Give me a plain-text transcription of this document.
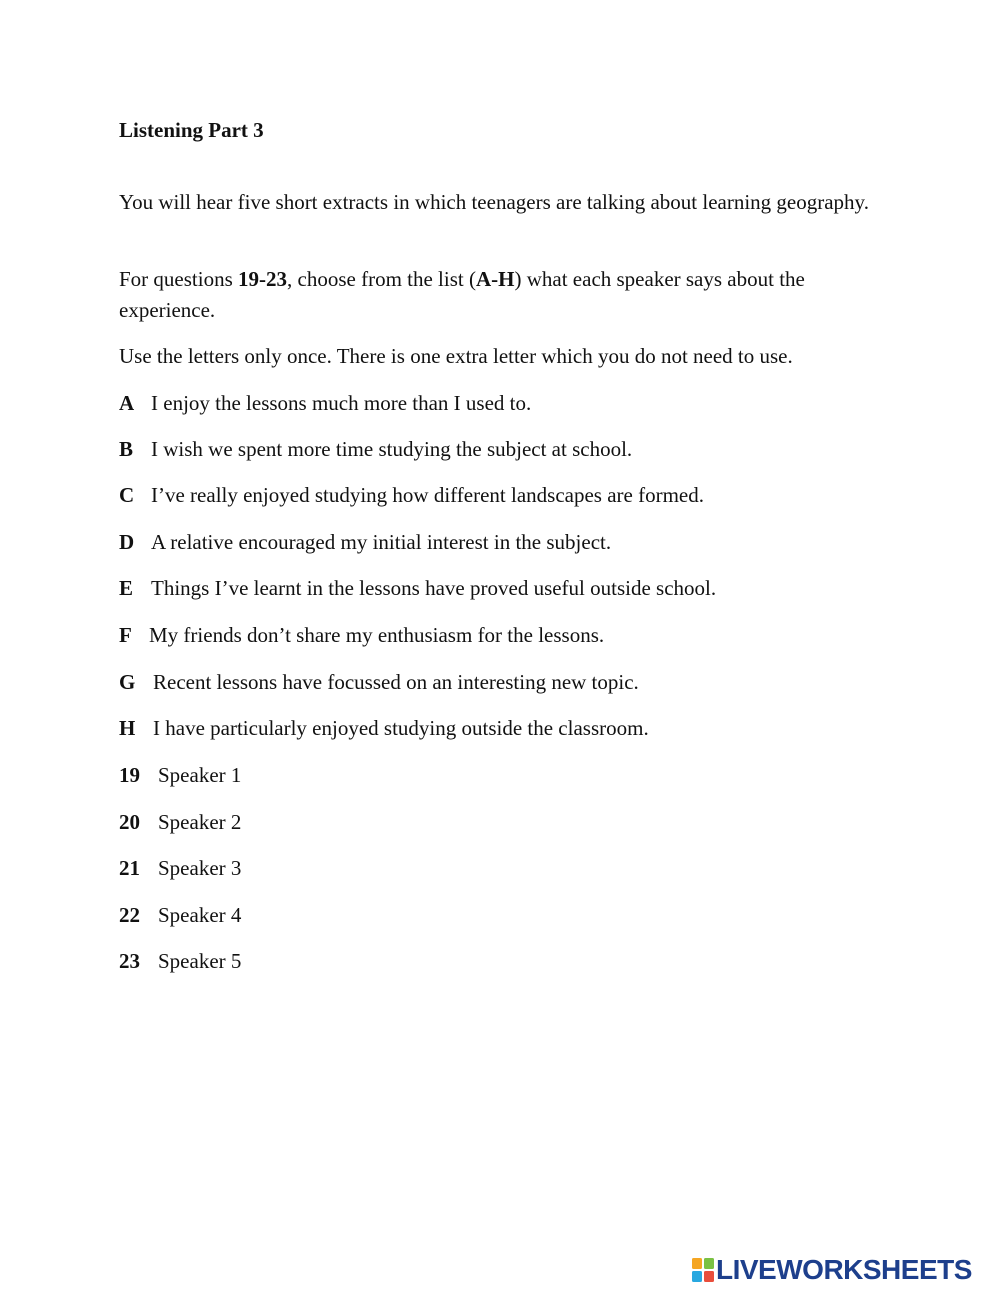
Listening Part 3

You will hear five short extracts in which teenagers are talking about learning geography.

For questions 19-23, choose from the list (A-H) what each speaker says about the experience.

Use the letters only once. There is one extra letter which you do not need to use.

A I enjoy the lessons much more than I used to.
B I wish we spent more time studying the subject at school.
C I’ve really enjoyed studying how different landscapes are formed.
D A relative encouraged my initial interest in the subject.
E Things I’ve learnt in the lessons have proved useful outside school.
F My friends don’t share my enthusiasm for the lessons.
G Recent lessons have focussed on an interesting new topic.
H I have particularly enjoyed studying outside the classroom.
19 Speaker 1
20 Speaker 2
21 Speaker 3
22 Speaker 4
23 Speaker 5
LIVEWORKSHEETS
